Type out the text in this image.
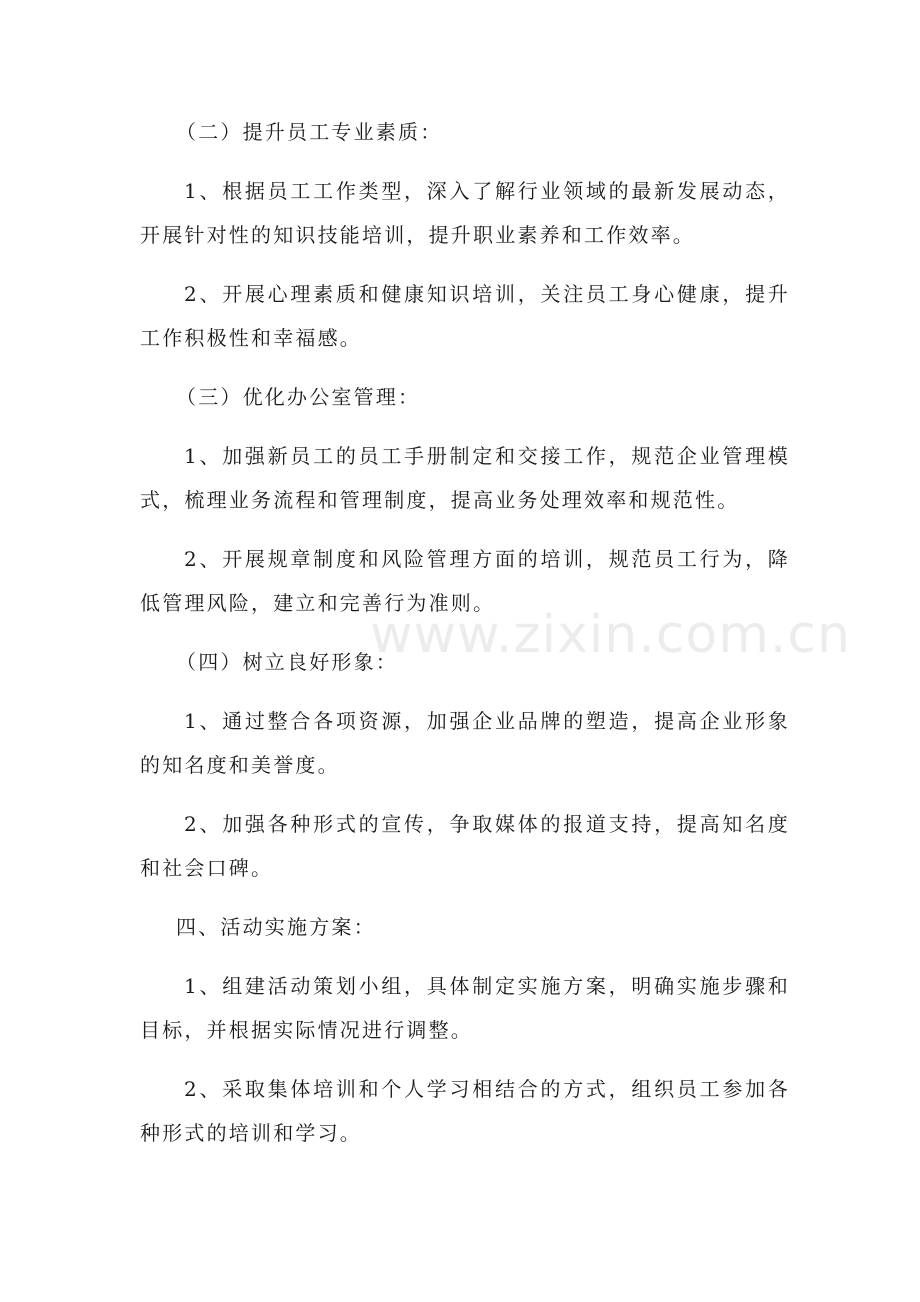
（二）提升员工专业素质：

1、根据员工工作类型，深入了解行业领域的最新发展动态，开展针对性的知识技能培训，提升职业素养和工作效率。

2、开展心理素质和健康知识培训，关注员工身心健康，提升工作积极性和幸福感。

（三）优化办公室管理：

1、加强新员工的员工手册制定和交接工作，规范企业管理模式，梳理业务流程和管理制度，提高业务处理效率和规范性。

2、开展规章制度和风险管理方面的培训，规范员工行为，降低管理风险，建立和完善行为准则。

（四）树立良好形象：

1、通过整合各项资源，加强企业品牌的塑造，提高企业形象的知名度和美誉度。

2、加强各种形式的宣传，争取媒体的报道支持，提高知名度和社会口碑。

四、活动实施方案：

1、组建活动策划小组，具体制定实施方案，明确实施步骤和目标，并根据实际情况进行调整。

2、采取集体培训和个人学习相结合的方式，组织员工参加各种形式的培训和学习。

www.zixin.com.cn
